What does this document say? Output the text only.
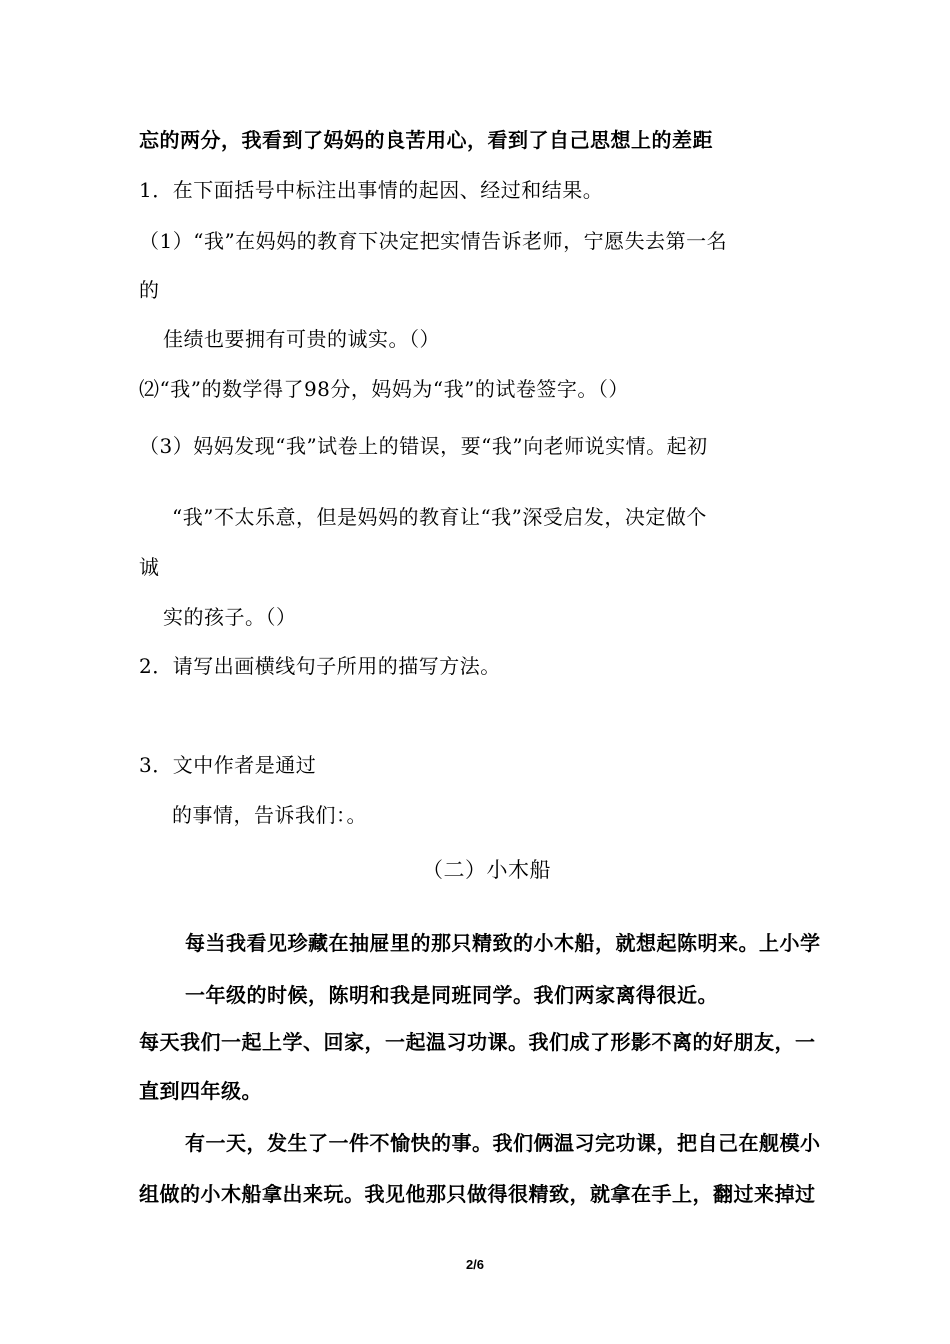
忘的两分，我看到了妈妈的良苦用心，看到了自己思想上的差距
1．在下面括号中标注出事情的起因、经过和结果。
（1）“我”在妈妈的教育下决定把实情告诉老师，宁愿失去第一名
的
佳绩也要拥有可贵的诚实。（）
⑵“我”的数学得了98分，妈妈为“我”的试卷签字。（）
（3）妈妈发现“我”试卷上的错误，要“我”向老师说实情。起初
“我”不太乐意，但是妈妈的教育让“我”深受启发，决定做个
诚
实的孩子。（）
2．请写出画横线句子所用的描写方法。
3．文中作者是通过
的事情，告诉我们：。
（二）小木船
每当我看见珍藏在抽屉里的那只精致的小木船，就想起陈明来。上小学
一年级的时候，陈明和我是同班同学。我们两家离得很近。
每天我们一起上学、回家，一起温习功课。我们成了形影不离的好朋友，一
直到四年级。
有一天，发生了一件不愉快的事。我们俩温习完功课，把自己在舰模小
组做的小木船拿出来玩。我见他那只做得很精致，就拿在手上，翻过来掉过
2/6
